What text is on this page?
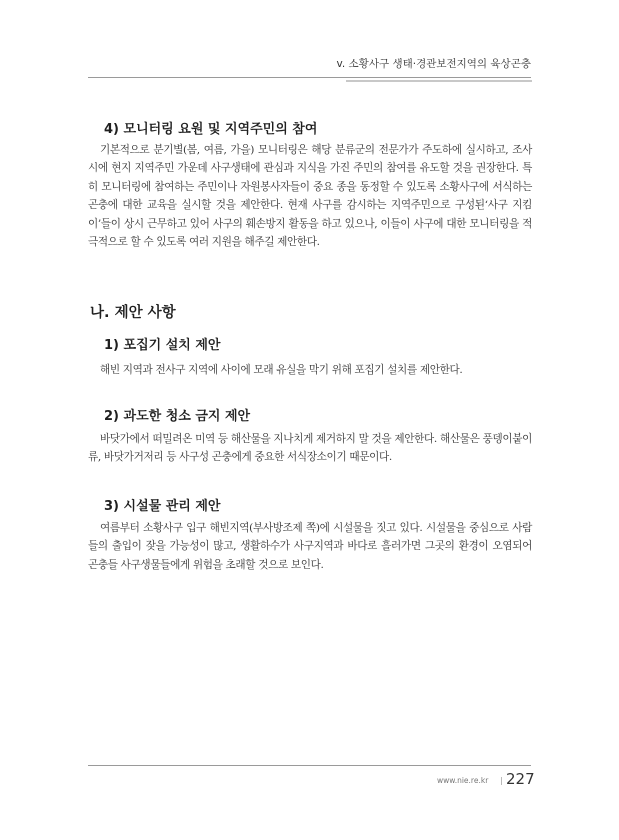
v. 소황사구 생태·경관보전지역의 육상곤충
4) 모니터링 요원 및 지역주민의 참여

기본적으로 분기별(봄, 여름, 가을) 모니터링은 해당 분류군의 전문가가 주도하에 실시하고, 조사 시에 현지 지역주민 가운데 사구생태에 관심과 지식을 가진 주민의 참여를 유도할 것을 권장한다. 특히 모니터링에 참여하는 주민이나 자원봉사자들이 중요 종을 동정할 수 있도록 소황사구에 서식하는 곤충에 대한 교육을 실시할 것을 제안한다. 현재 사구를 감시하는 지역주민으로 구성된‘사구 지킴이’들이 상시 근무하고 있어 사구의 훼손방지 활동을 하고 있으나, 이들이 사구에 대한 모니터링을 적극적으로 할 수 있도록 여러 지원을 해주길 제안한다.

나. 제안 사항
1) 포집기 설치 제안

해빈 지역과 전사구 지역에 사이에 모래 유실을 막기 위해 포집기 설치를 제안한다.

2) 과도한 청소 금지 제안

바닷가에서 떠밀려온 미역 등 해산물을 지나치게 제거하지 말 것을 제안한다. 해산물은 풍뎅이붙이류, 바닷가거저리 등 사구성 곤충에게 중요한 서식장소이기 때문이다.

3) 시설물 관리 제안

여름부터 소황사구 입구 해빈지역(부사방조제 쪽)에 시설물을 짓고 있다. 시설물을 중심으로 사람들의 출입이 잦을 가능성이 많고, 생활하수가 사구지역과 바다로 흘러가면 그곳의 환경이 오염되어 곤충들 사구생물들에게 위험을 초래할 것으로 보인다.

www.nie.re.kr | 227
